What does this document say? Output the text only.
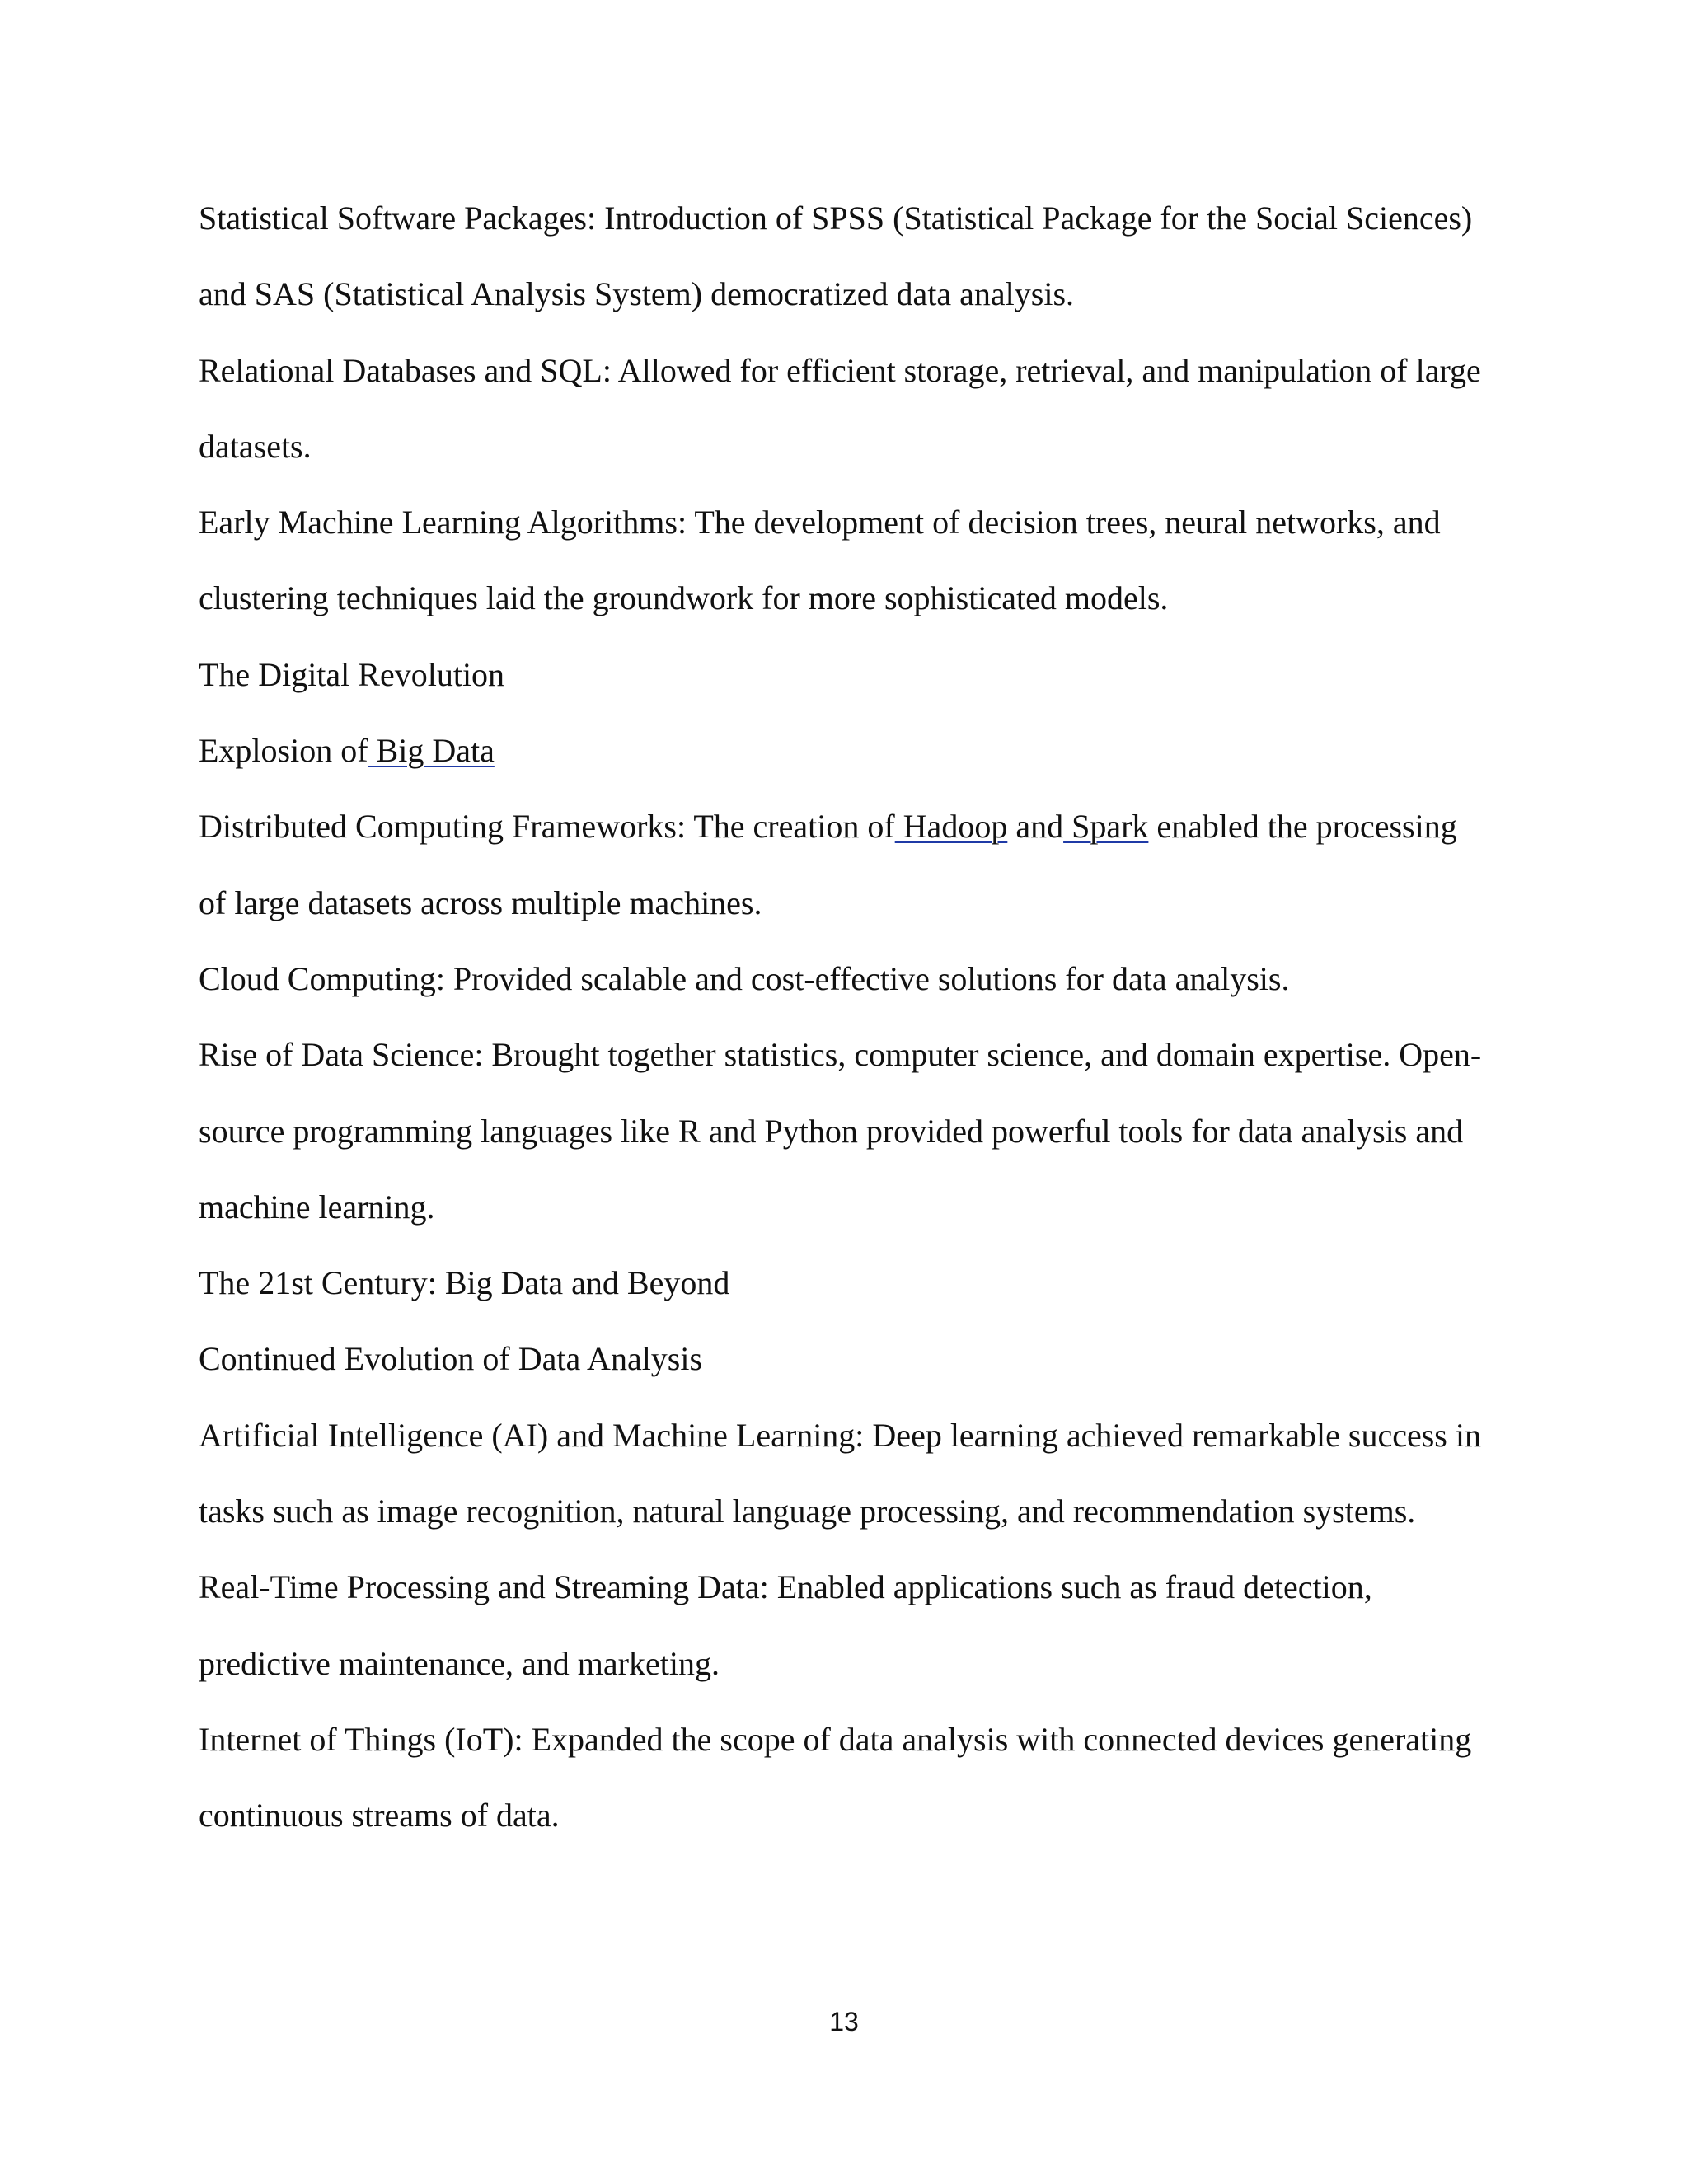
Statistical Software Packages: Introduction of SPSS (Statistical Package for the Social Sciences)
and SAS (Statistical Analysis System) democratized data analysis.
Relational Databases and SQL: Allowed for efficient storage, retrieval, and manipulation of large
datasets.
Early Machine Learning Algorithms: The development of decision trees, neural networks, and
clustering techniques laid the groundwork for more sophisticated models.
The Digital Revolution
Explosion of Big Data
Distributed Computing Frameworks: The creation of Hadoop and Spark enabled the processing
of large datasets across multiple machines.
Cloud Computing: Provided scalable and cost-effective solutions for data analysis.
Rise of Data Science: Brought together statistics, computer science, and domain expertise. Open-
source programming languages like R and Python provided powerful tools for data analysis and
machine learning.
The 21st Century: Big Data and Beyond
Continued Evolution of Data Analysis
Artificial Intelligence (AI) and Machine Learning: Deep learning achieved remarkable success in
tasks such as image recognition, natural language processing, and recommendation systems.
Real-Time Processing and Streaming Data: Enabled applications such as fraud detection,
predictive maintenance, and marketing.
Internet of Things (IoT): Expanded the scope of data analysis with connected devices generating
continuous streams of data.
13
